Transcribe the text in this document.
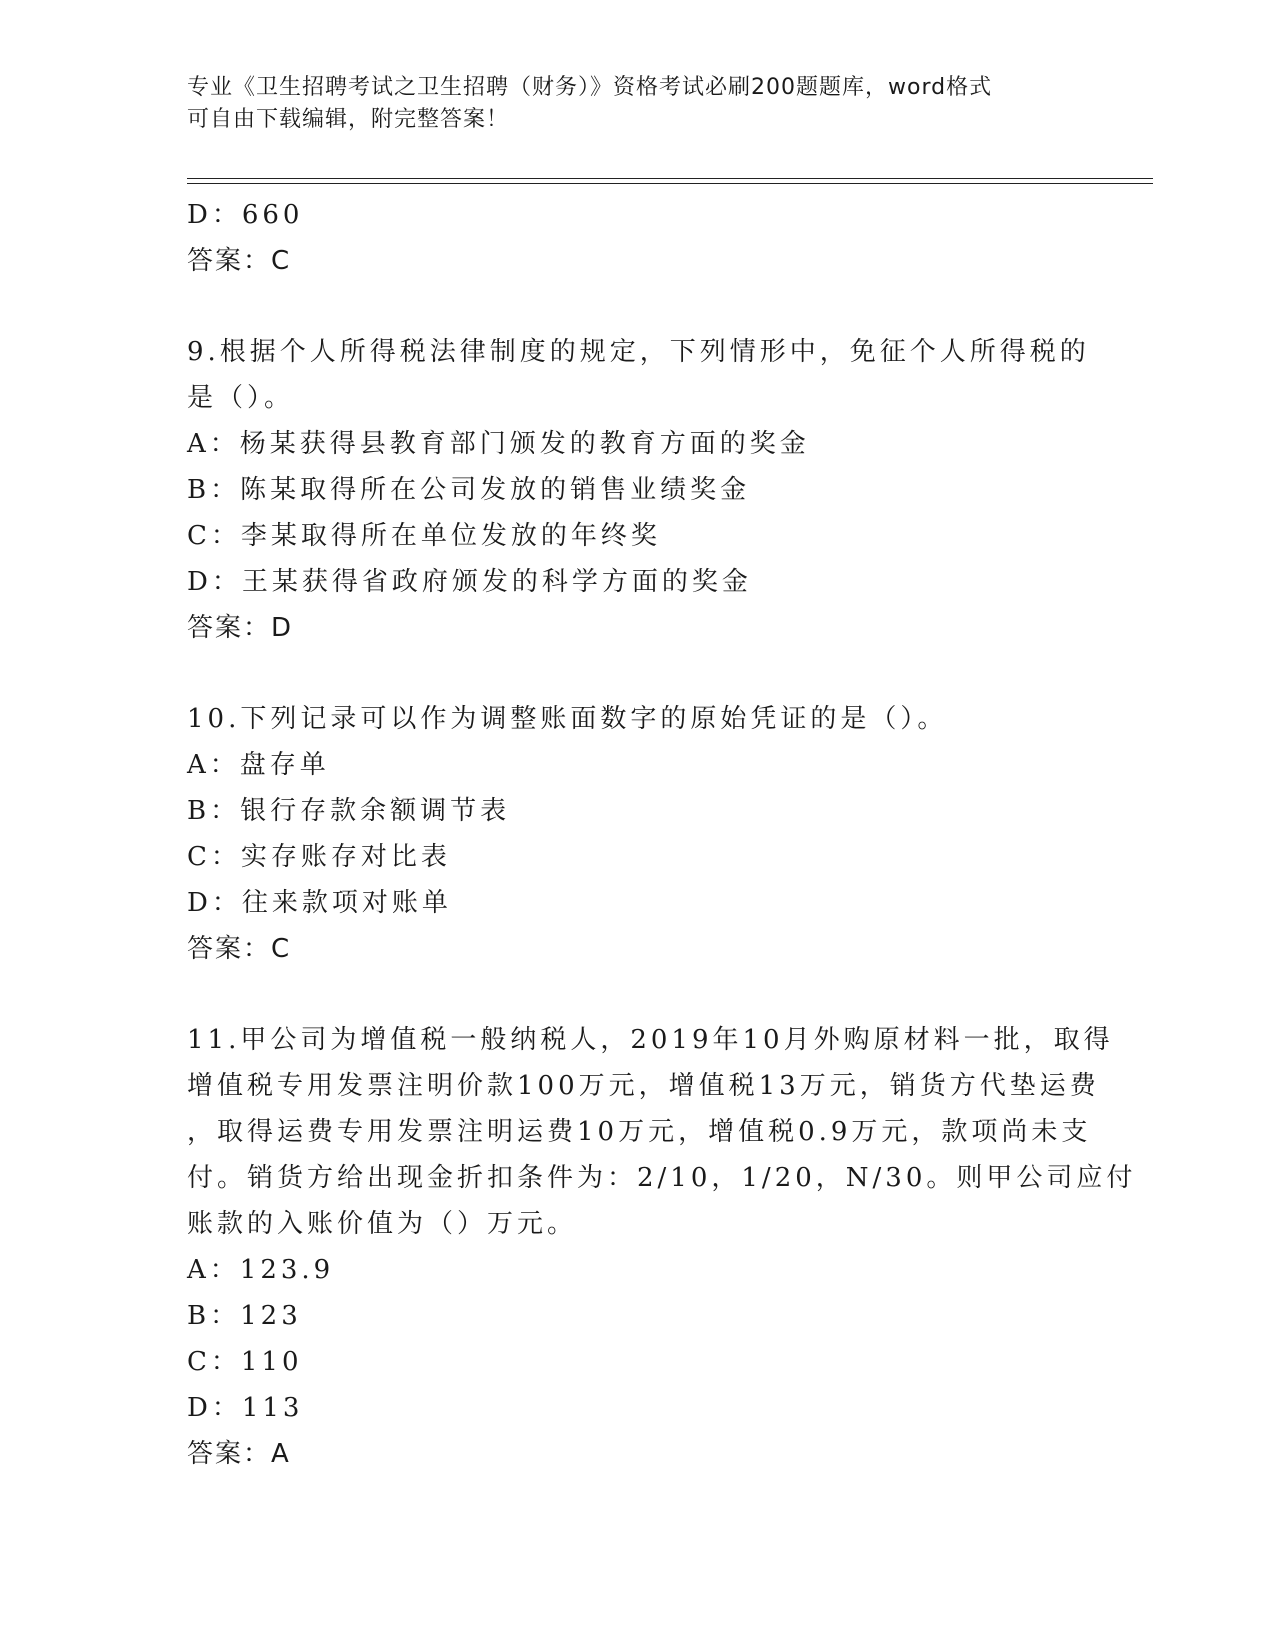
专业《卫生招聘考试之卫生招聘（财务）》资格考试必刷200题题库，word格式
可自由下载编辑，附完整答案！
D：660
答案：C
9.根据个人所得税法律制度的规定，下列情形中，免征个人所得税的
是（）。
A：杨某获得县教育部门颁发的教育方面的奖金
B：陈某取得所在公司发放的销售业绩奖金
C：李某取得所在单位发放的年终奖
D：王某获得省政府颁发的科学方面的奖金
答案：D
10.下列记录可以作为调整账面数字的原始凭证的是（）。
A：盘存单
B：银行存款余额调节表
C：实存账存对比表
D：往来款项对账单
答案：C
11.甲公司为增值税一般纳税人，2019年10月外购原材料一批，取得
增值税专用发票注明价款100万元，增值税13万元，销货方代垫运费
，取得运费专用发票注明运费10万元，增值税0.9万元，款项尚未支
付。销货方给出现金折扣条件为：2/10，1/20，N/30。则甲公司应付
账款的入账价值为（）万元。
A：123.9
B：123
C：110
D：113
答案：A
